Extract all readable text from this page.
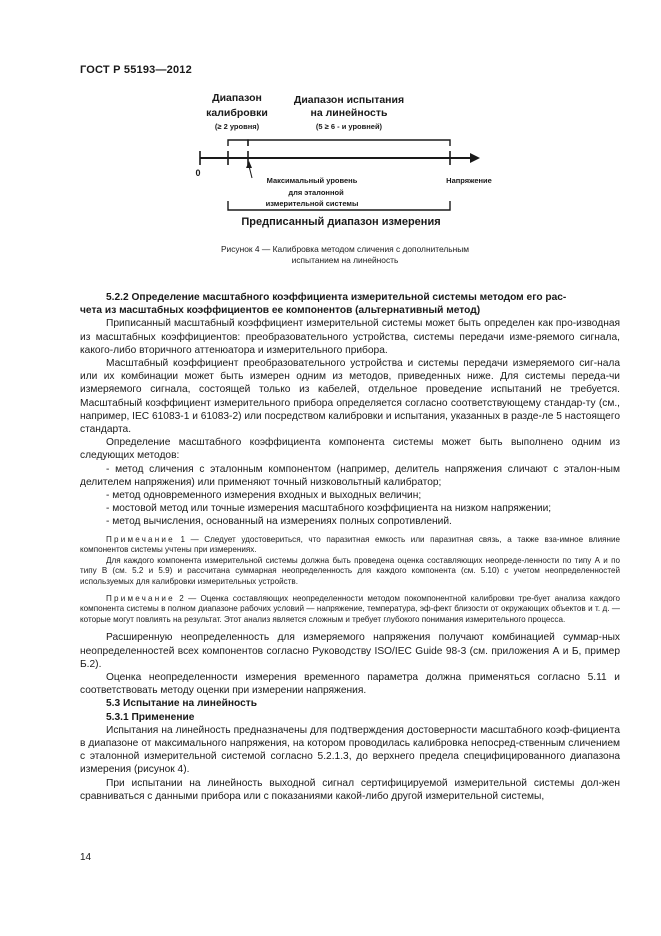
ГОСТ Р 55193—2012
Диапазон
калибровки
(≥ 2 уровня)
Диапазон испытания
на линейность
(5 ≥ 6 - и уровней)
0
Максимальный уровень
для эталонной
измерительной системы
Напряжение
Предписанный диапазон измерения
Рисунок 4 — Калибровка методом сличения с дополнительным
испытанием на линейность

5.2.2 Определение масштабного коэффициента измерительной системы методом его рас-

чета из масштабных коэффициентов ее компонентов (альтернативный метод)

Приписанный масштабный коэффициент измерительной системы может быть определен как про-изводная из масштабных коэффициентов: преобразовательного устройства, системы передачи изме-ряемого сигнала, какого-либо вторичного аттенюатора и измерительного прибора.

Масштабный коэффициент преобразовательного устройства и системы передачи измеряемого сиг-нала или их комбинации может быть измерен одним из методов, приведенных ниже. Для системы переда-чи измеряемого сигнала, состоящей только из кабелей, отдельное проведение испытаний не требуется. Масштабный коэффициент измерительного прибора определяется согласно соответствующему стандар-ту (см., например, IEC 61083-1 и 61083-2) или посредством калибровки и испытания, указанных в разде-ле 5 настоящего стандарта.

Определение масштабного коэффициента компонента системы может быть выполнено одним из следующих методов:

- метод сличения с эталонным компонентом (например, делитель напряжения сличают с эталон-ным делителем напряжения) или применяют точный низковольтный калибратор;

- метод одновременного измерения входных и выходных величин;

- мостовой метод или точные измерения масштабного коэффициента на низком напряжении;

- метод вычисления, основанный на измерениях полных сопротивлений.

Примечание 1 — Следует удостовериться, что паразитная емкость или паразитная связь, а также вза-имное влияние компонентов системы учтены при измерениях.

Для каждого компонента измерительной системы должна быть проведена оценка составляющих неопреде-ленности по типу А и по типу В (см. 5.2 и 5.9) и рассчитана суммарная неопределенность для каждого компонента (см. 5.10) с учетом неопределенностей используемых для калибровки измерительных устройств.

Примечание 2 — Оценка составляющих неопределенности методом покомпонентной калибровки тре-бует анализа каждого компонента системы в полном диапазоне рабочих условий — напряжение, температура, эф-фект близости от окружающих объектов и т. д. — которые могут повлиять на результат. Этот анализ является сложным и требует глубокого понимания измерительного процесса.

Расширенную неопределенность для измеряемого напряжения получают комбинацией суммар-ных неопределенностей всех компонентов согласно Руководству ISO/IEC Guide 98-3 (см. приложения А и Б, пример Б.2).

Оценка неопределенности измерения временного параметра должна применяться согласно 5.11 и соответствовать методу оценки при измерении напряжения.

5.3 Испытание на линейность

5.3.1 Применение

Испытания на линейность предназначены для подтверждения достоверности масштабного коэф-фициента в диапазоне от максимального напряжения, на котором проводилась калибровка непосред-ственным сличением с эталонной измерительной системой согласно 5.2.1.3, до верхнего предела специфицированного диапазона измерения (рисунок 4).

При испытании на линейность выходной сигнал сертифицируемой измерительной системы дол-жен сравниваться с данными прибора или с показаниями какой-либо другой измерительной системы,

14
